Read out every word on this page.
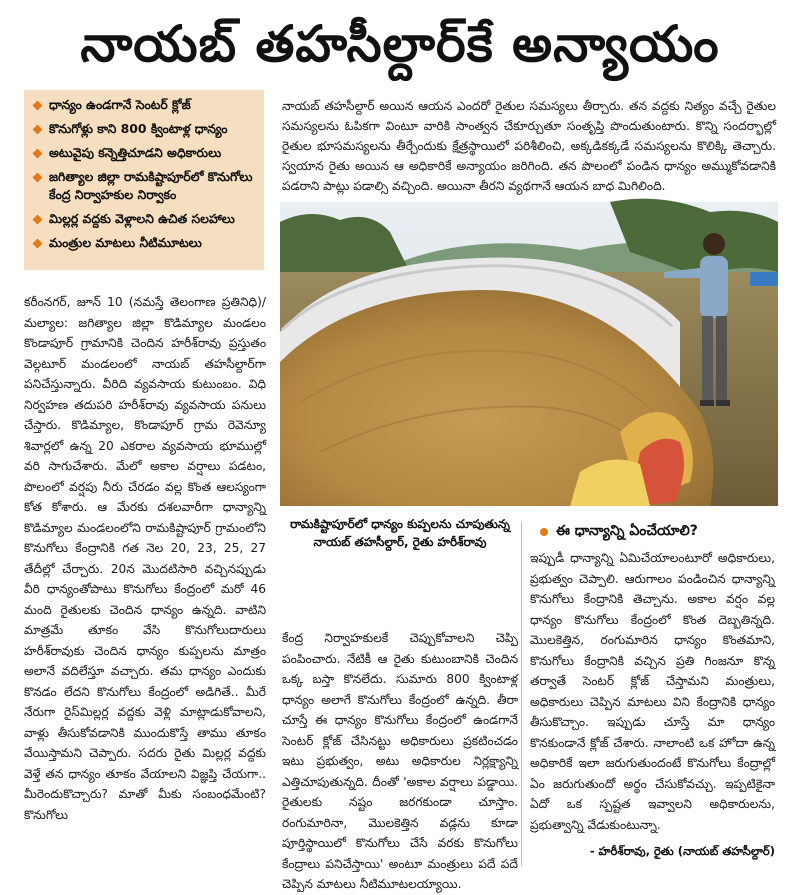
నాయబ్ తహసీల్దార్‌కే అన్యాయం
ధాన్యం ఉండగానే సెంటర్ క్లోజ్
కొనుగోళ్లు కాని 800 క్వింటాళ్ల ధాన్యం
అటువైపు కన్నెత్తిచూడని అధికారులు
జగిత్యాల జిల్లా రామకిష్టాపూర్‌లో కొనుగోలు కేంద్ర నిర్వాహకుల నిర్వాకం
మిల్లర్ల వద్దకు వెళ్లాలని ఉచిత సలహాలు
మంత్రుల మాటలు నీటిమూటలు
నాయబ్ తహసీల్దార్ అయిన ఆయన ఎందరో రైతుల సమస్యలు తీర్చారు. తన వద్దకు నిత్యం వచ్చే రైతుల సమస్యలను ఓపికగా వింటూ వారికి సాంత్వన చేకూర్చుతూ సంతృప్తి పొందుతుంటారు. కొన్ని సందర్భాల్లో రైతుల భూసమస్యలను తీర్చేందుకు క్షేత్రస్థాయిలో పరిశీలించి, అక్కడికక్కడే సమస్యలను కొలిక్కి తెచ్చారు. స్వయాన రైతు అయిన ఆ అధికారికే అన్యాయం జరిగింది. తన పొలంలో పండిన ధాన్యం అమ్ముకోవడానికి పడరాని పాట్లు పడాల్సి వచ్చింది. అయినా తీరని వ్యథగానే ఆయన బాధ మిగిలింది.
రామకిష్టాపూర్‌లో ధాన్యం కుప్పలను చూపుతున్న
నాయబ్ తహసీల్దార్, రైతు హరీశ్‌రావు

కరీంనగర్, జూన్ 10 (నమస్తే తెలంగాణ ప్రతినిధి)/మల్యాల: జగిత్యాల జిల్లా కొడిమ్యాల మండలం కొండాపూర్ గ్రామానికి చెందిన హరీశ్‌రావు ప్రస్తుతం వెల్గటూర్ మండలంలో నాయబ్ తహసీల్దార్‌గా పనిచేస్తున్నారు. వీరిది వ్యవసాయ కుటుంబం. విధి నిర్వహణ తదుపరి హరీశ్‌రావు వ్యవసాయ పనులు చేస్తారు. కొడిమ్యాల, కొండాపూర్ గ్రామ రెవెన్యూ శివార్లలో ఉన్న 20 ఎకరాల వ్యవసాయ భూముల్లో వరి సాగుచేశారు. మేలో అకాల వర్షాలు పడటం, పొలంలో వర్షపు నీరు చేరడం వల్ల కొంత ఆలస్యంగా కోత కోశారు. ఆ మేరకు దశలవారీగా ధాన్యాన్ని కొడిమ్యాల మండలంలోని రామకిష్టాపూర్ గ్రామంలోని కొనుగోలు కేంద్రానికి గత నెల 20, 23, 25, 27 తేదీల్లో చేర్చారు. 20న మొదటిసారి వచ్చినప్పుడు వీరి ధాన్యంతోపాటు కొనుగోలు కేంద్రంలో మరో 46 మంది రైతులకు చెందిన ధాన్యం ఉన్నది. వాటిని మాత్రమే తూకం వేసి కొనుగోలుదారులు హరీశ్‌రావుకు చెందిన ధాన్యం కుప్పలను మాత్రం అలానే వదిలేస్తూ వచ్చారు. తమ ధాన్యం ఎందుకు కొనడం లేదని కొనుగోలు కేంద్రంలో అడిగితే.. మీరే నేరుగా రైస్‌మిల్లర్ల వద్దకు వెళ్లి మాట్లాడుకోవాలని, వాళ్లు తీసుకోవడానికి ముందుకొస్తే తాము తూకం వేయిస్తామని చెప్పారు. సదరు రైతు మిల్లర్ల వద్దకు వెళ్తే తన ధాన్యం తూకం వేయాలని విజ్ఞప్తి చేయగా.. మీరెందుకొచ్చారు? మాతో మీకు సంబంధమేంటి? కొనుగోలు

కేంద్ర నిర్వాహకులకే చెప్పుకోవాలని చెప్పి పంపించారు. నేటికీ ఆ రైతు కుటుంబానికి చెందిన ఒక్క బస్తా కొనలేదు. సుమారు 800 క్వింటాళ్ల ధాన్యం అలాగే కొనుగోలు కేంద్రంలో ఉన్నది. తీరా చూస్తే ఈ ధాన్యం కొనుగోలు కేంద్రంలో ఉండగానే సెంటర్ క్లోజ్ చేసినట్టు అధికారులు ప్రకటించడం ఇటు ప్రభుత్వం, అటు అధికారుల నిర్లక్ష్యాన్ని ఎత్తిచూపుతున్నది. దీంతో 'అకాల వర్షాలు పడ్డాయి. రైతులకు నష్టం జరగకుండా చూస్తాం. రంగుమారినా, మొలకెత్తిన వడ్లను కూడా పూర్తిస్థాయిలో కొనుగోలు చేసే వరకు కొనుగోలు కేంద్రాలు పనిచేస్తాయి' అంటూ మంత్రులు పదే పదే చెప్పిన మాటలు నీటిమూటలయ్యాయి.

ఈ ధాన్యాన్ని ఏంచేయాలి?

ఇప్పుడీ ధాన్యాన్ని ఏమిచేయాలంటూరో అధికారులు, ప్రభుత్వం చెప్పాలి. ఆరుగాలం పండించిన ధాన్యాన్ని కొనుగోలు కేంద్రానికి తెచ్చాను. అకాల వర్షం వల్ల ధాన్యం కొనుగోలు కేంద్రంలో కొంత దెబ్బతిన్నది. మొలకెత్తిన, రంగుమారిన ధాన్యం కొంతమాని, కొనుగోలు కేంద్రానికి వచ్చిన ప్రతి గింజనూ కొన్న తర్వాతే సెంటర్ క్లోజ్ చేస్తామని మంత్రులు, అధికారులు చెప్పిన మాటలు విని కేంద్రానికి ధాన్యం తీసుకొచ్చాం. ఇప్పుడు చూస్తే మా ధాన్యం కొనకుండానే క్లోజ్ చేశారు. నాలాంటి ఒక హోదా ఉన్న అధికారికే ఇలా జరుగుతుందంటే కొనుగోలు కేంద్రాల్లో ఏం జరుగుతుందో అర్థం చేసుకోవచ్చు. ఇప్పటికైనా ఏదో ఒక స్పష్టత ఇవ్వాలని అధికారులను, ప్రభుత్వాన్ని వేడుకుంటున్నా.

- హరీశ్‌రావు, రైతు (నాయబ్ తహసీల్దార్)
